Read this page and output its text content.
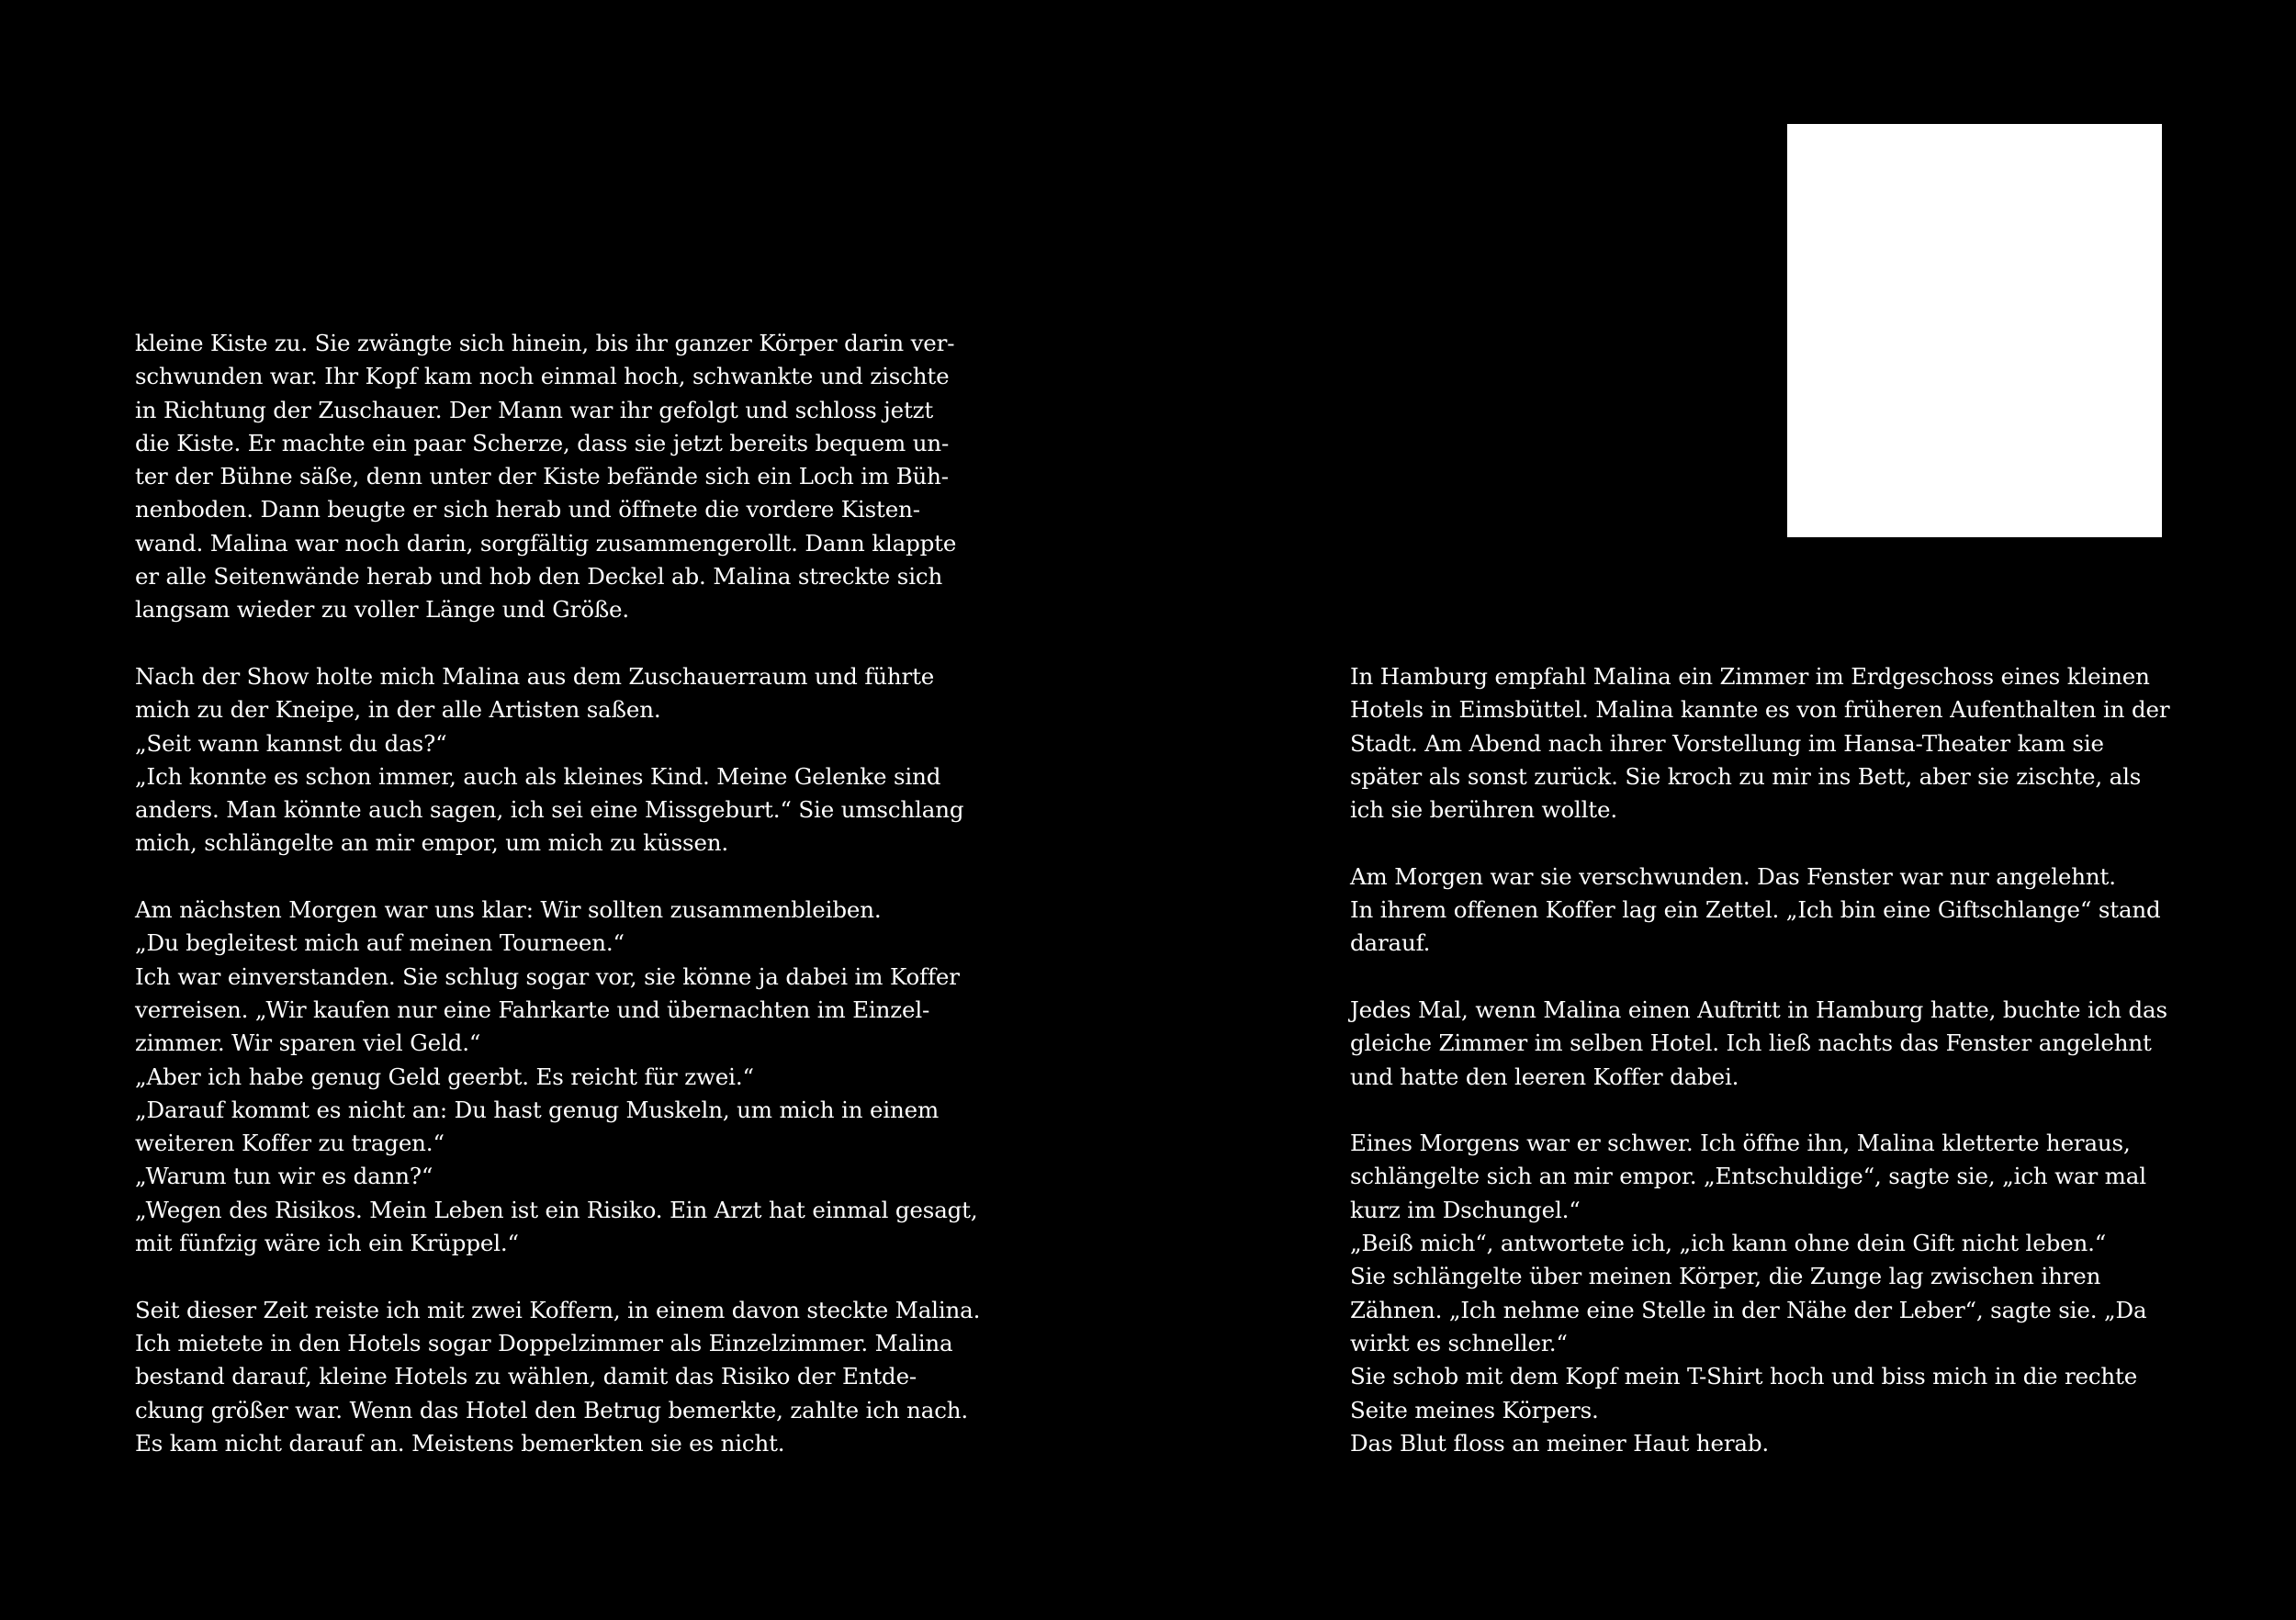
kleine Kiste zu. Sie zwängte sich hinein, bis ihr ganzer Körper darin ver-
schwunden war. Ihr Kopf kam noch einmal hoch, schwankte und zischte
in Richtung der Zuschauer. Der Mann war ihr gefolgt und schloss jetzt
die Kiste. Er machte ein paar Scherze, dass sie jetzt bereits bequem un-
ter der Bühne säße, denn unter der Kiste befände sich ein Loch im Büh-
nenboden. Dann beugte er sich herab und öffnete die vordere Kisten-
wand. Malina war noch darin, sorgfältig zusammengerollt. Dann klappte
er alle Seitenwände herab und hob den Deckel ab. Malina streckte sich
langsam wieder zu voller Länge und Größe.

Nach der Show holte mich Malina aus dem Zuschauerraum und führte
mich zu der Kneipe, in der alle Artisten saßen.
„Seit wann kannst du das?“
„Ich konnte es schon immer, auch als kleines Kind. Meine Gelenke sind
anders. Man könnte auch sagen, ich sei eine Missgeburt.“ Sie umschlang
mich, schlängelte an mir empor, um mich zu küssen.

Am nächsten Morgen war uns klar: Wir sollten zusammenbleiben.
„Du begleitest mich auf meinen Tourneen.“
Ich war einverstanden. Sie schlug sogar vor, sie könne ja dabei im Koffer
verreisen. „Wir kaufen nur eine Fahrkarte und übernachten im Einzel-
zimmer. Wir sparen viel Geld.“
„Aber ich habe genug Geld geerbt. Es reicht für zwei.“
„Darauf kommt es nicht an: Du hast genug Muskeln, um mich in einem
weiteren Koffer zu tragen.“
„Warum tun wir es dann?“
„Wegen des Risikos. Mein Leben ist ein Risiko. Ein Arzt hat einmal gesagt,
mit fünfzig wäre ich ein Krüppel.“

Seit dieser Zeit reiste ich mit zwei Koffern, in einem davon steckte Malina.
Ich mietete in den Hotels sogar Doppelzimmer als Einzelzimmer. Malina
bestand darauf, kleine Hotels zu wählen, damit das Risiko der Entde-
ckung größer war. Wenn das Hotel den Betrug bemerkte, zahlte ich nach.
Es kam nicht darauf an. Meistens bemerkten sie es nicht.

In Hamburg empfahl Malina ein Zimmer im Erdgeschoss eines kleinen
Hotels in Eimsbüttel. Malina kannte es von früheren Aufenthalten in der
Stadt. Am Abend nach ihrer Vorstellung im Hansa-Theater kam sie
später als sonst zurück. Sie kroch zu mir ins Bett, aber sie zischte, als
ich sie berühren wollte.

Am Morgen war sie verschwunden. Das Fenster war nur angelehnt.
In ihrem offenen Koffer lag ein Zettel. „Ich bin eine Giftschlange“ stand
darauf.

Jedes Mal, wenn Malina einen Auftritt in Hamburg hatte, buchte ich das
gleiche Zimmer im selben Hotel. Ich ließ nachts das Fenster angelehnt
und hatte den leeren Koffer dabei.

Eines Morgens war er schwer. Ich öffne ihn, Malina kletterte heraus,
schlängelte sich an mir empor. „Entschuldige“, sagte sie, „ich war mal
kurz im Dschungel.“
„Beiß mich“, antwortete ich, „ich kann ohne dein Gift nicht leben.“
Sie schlängelte über meinen Körper, die Zunge lag zwischen ihren
Zähnen. „Ich nehme eine Stelle in der Nähe der Leber“, sagte sie. „Da
wirkt es schneller.“
Sie schob mit dem Kopf mein T-Shirt hoch und biss mich in die rechte
Seite meines Körpers.
Das Blut floss an meiner Haut herab.
